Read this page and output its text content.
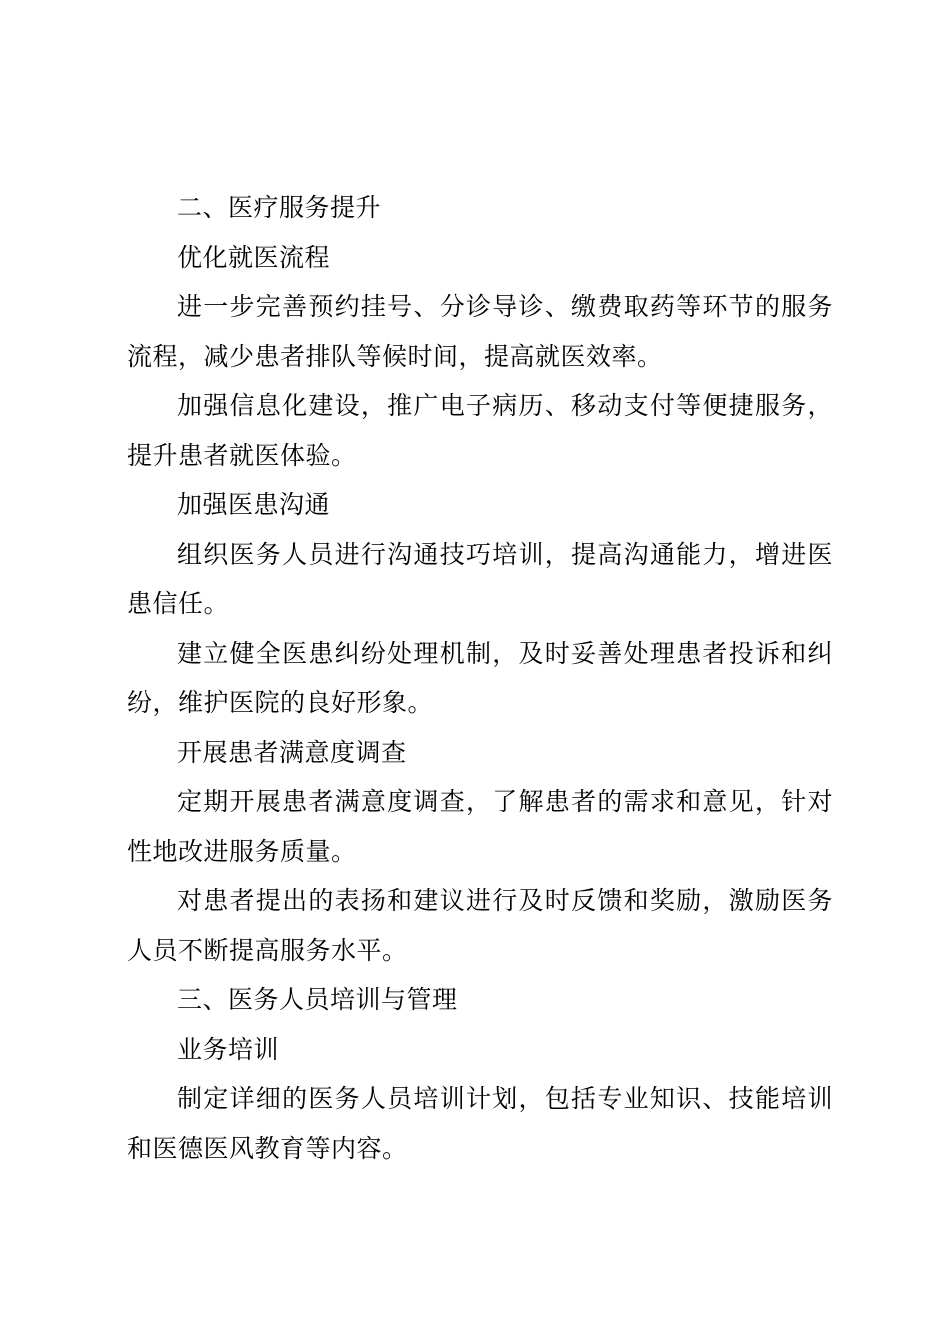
二、医疗服务提升

优化就医流程

进一步完善预约挂号、分诊导诊、缴费取药等环节的服务流程，减少患者排队等候时间，提高就医效率。

加强信息化建设，推广电子病历、移动支付等便捷服务，提升患者就医体验。

加强医患沟通

组织医务人员进行沟通技巧培训，提高沟通能力，增进医患信任。

建立健全医患纠纷处理机制，及时妥善处理患者投诉和纠纷，维护医院的良好形象。

开展患者满意度调查

定期开展患者满意度调查，了解患者的需求和意见，针对性地改进服务质量。

对患者提出的表扬和建议进行及时反馈和奖励，激励医务人员不断提高服务水平。

三、医务人员培训与管理

业务培训

制定详细的医务人员培训计划，包括专业知识、技能培训和医德医风教育等内容。
